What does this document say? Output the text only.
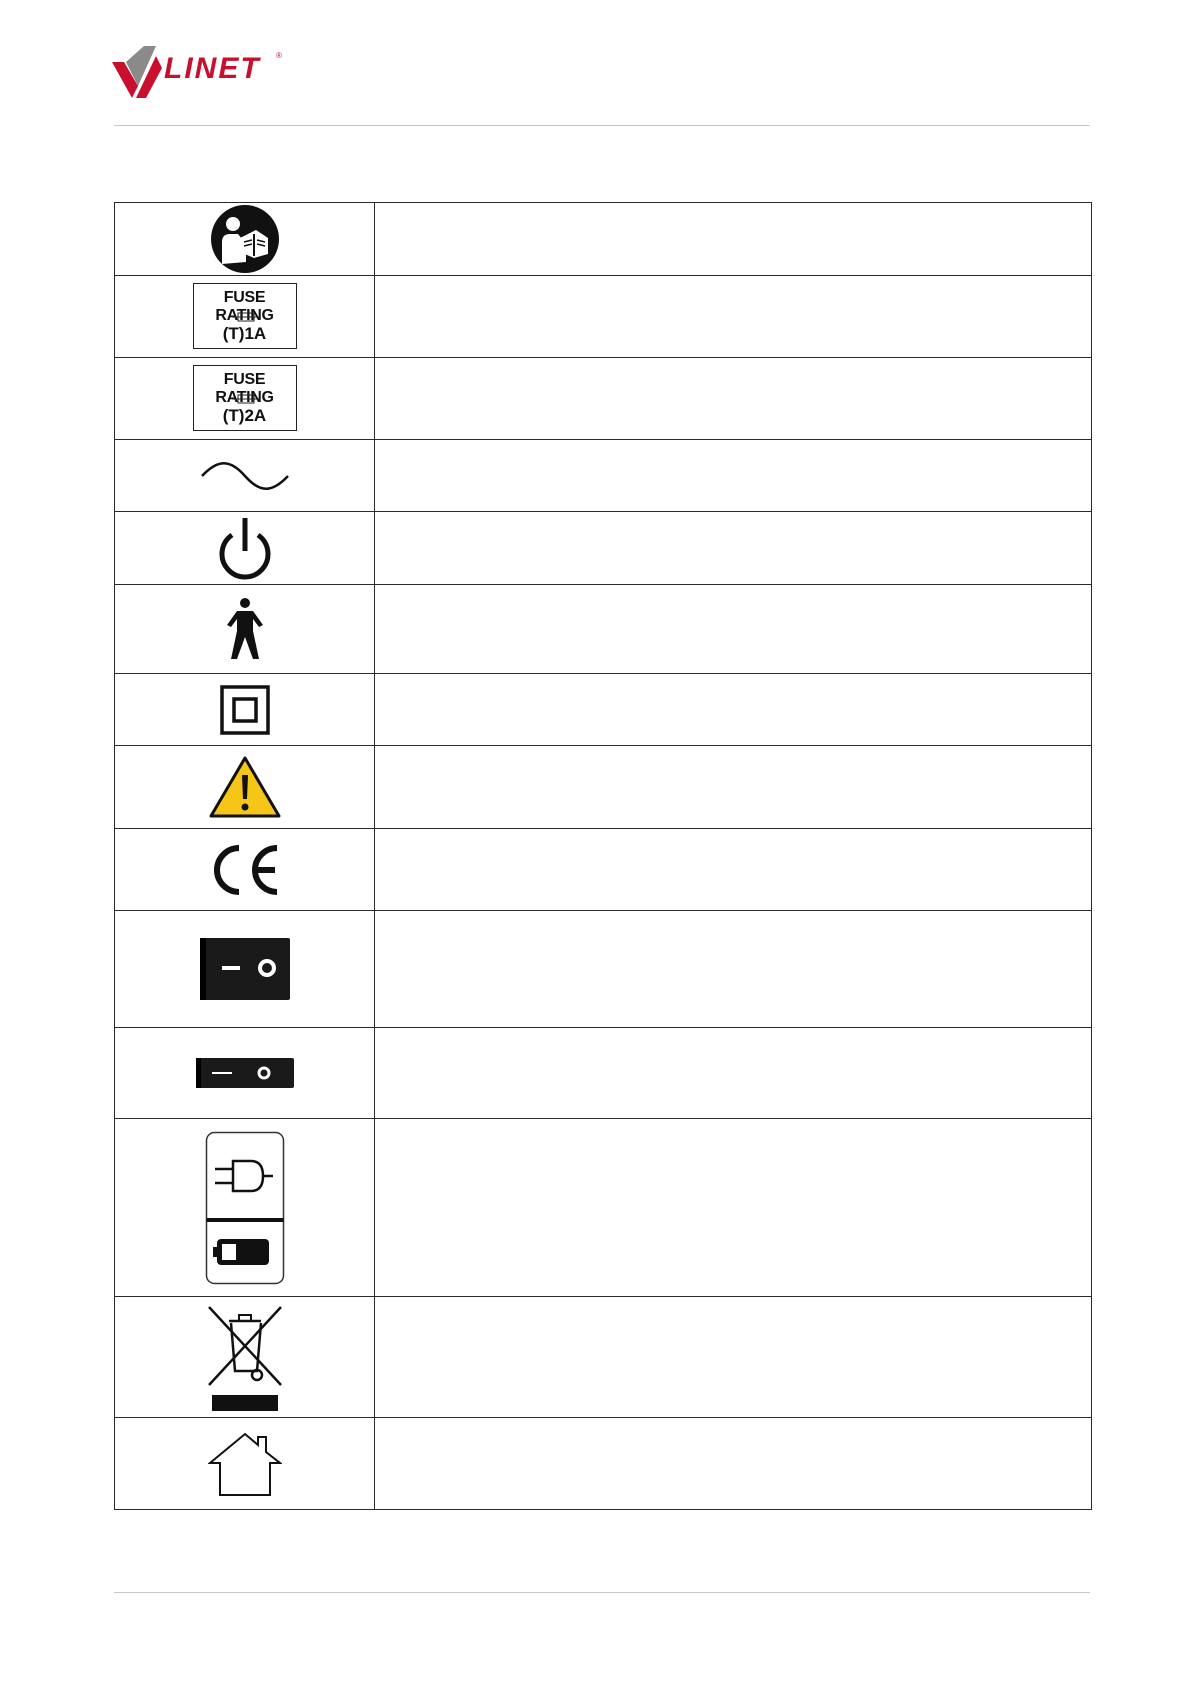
LINET ®

FUSE RATING
(T)1A	

FUSE RATING
(T)2A	
